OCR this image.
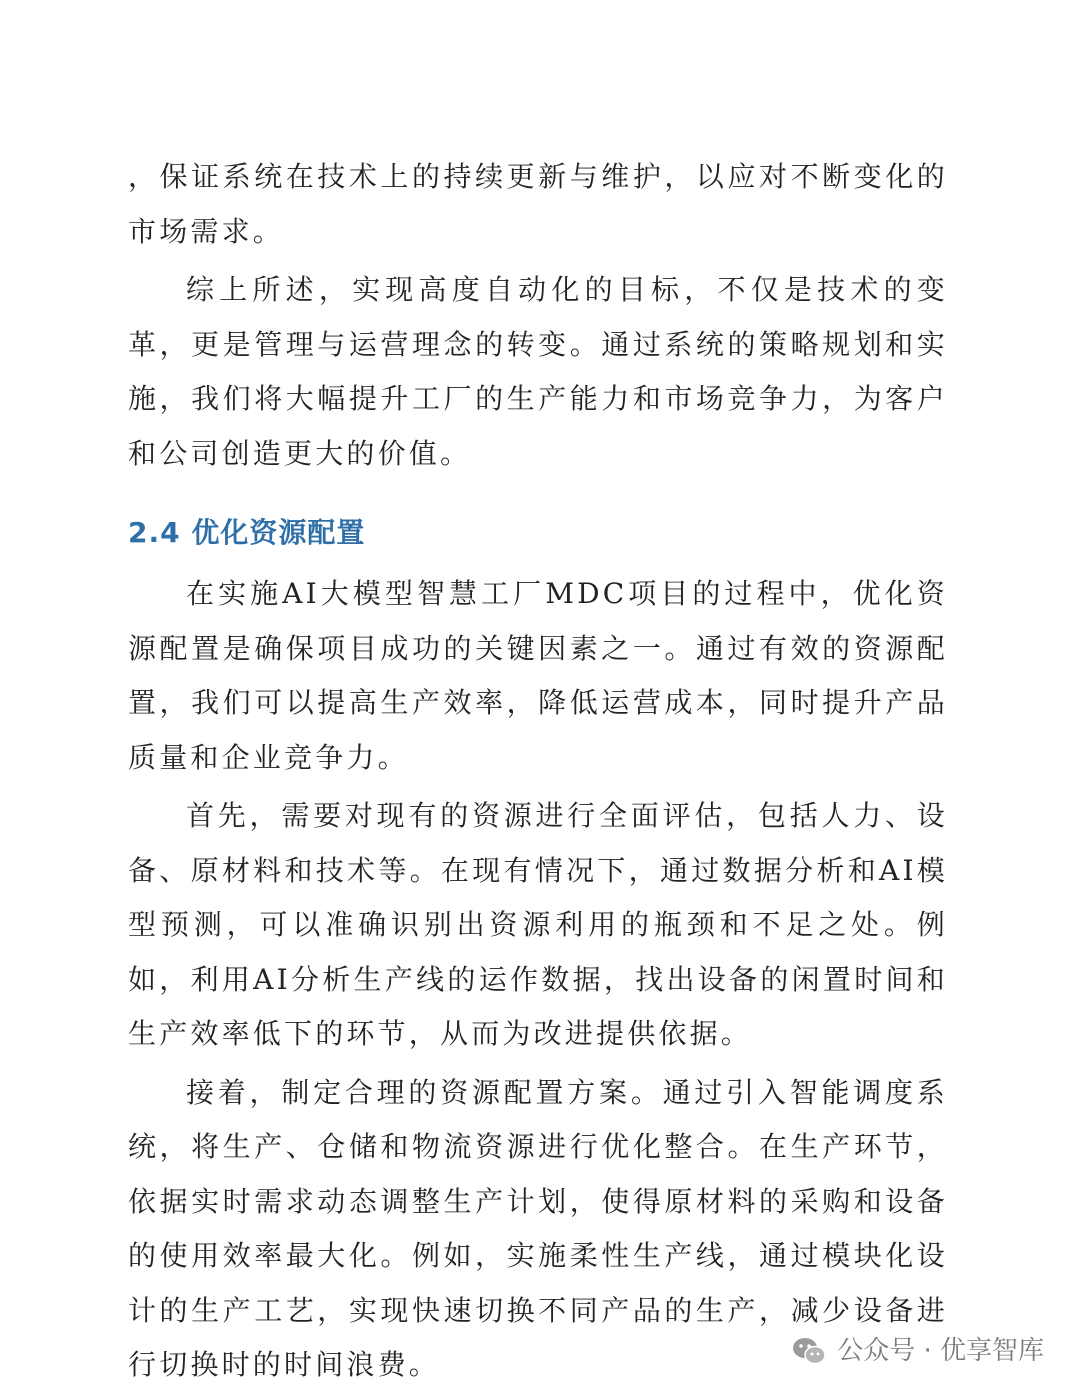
，保证系统在技术上的持续更新与维护，以应对不断变化的市场需求。

综上所述，实现高度自动化的目标，不仅是技术的变革，更是管理与运营理念的转变。通过系统的策略规划和实施，我们将大幅提升工厂的生产能力和市场竞争力，为客户和公司创造更大的价值。

2.4 优化资源配置

在实施AI大模型智慧工厂MDC项目的过程中，优化资源配置是确保项目成功的关键因素之一。通过有效的资源配置，我们可以提高生产效率，降低运营成本，同时提升产品质量和企业竞争力。

首先，需要对现有的资源进行全面评估，包括人力、设备、原材料和技术等。在现有情况下，通过数据分析和AI模型预测，可以准确识别出资源利用的瓶颈和不足之处。例如，利用AI分析生产线的运作数据，找出设备的闲置时间和生产效率低下的环节，从而为改进提供依据。

接着，制定合理的资源配置方案。通过引入智能调度系统，将生产、仓储和物流资源进行优化整合。在生产环节，依据实时需求动态调整生产计划，使得原材料的采购和设备的使用效率最大化。例如，实施柔性生产线，通过模块化设计的生产工艺，实现快速切换不同产品的生产，减少设备进行切换时的时间浪费。	公众号 · 优享智库
